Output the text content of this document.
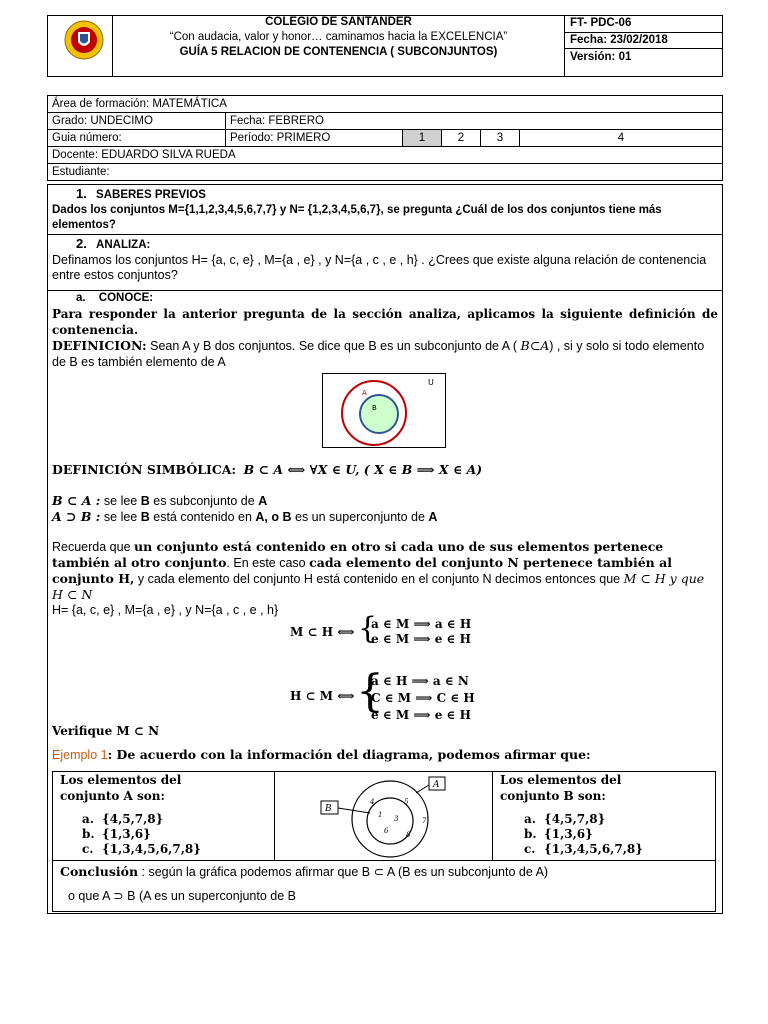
COLEGIO DE SANTANDER
“Con audacia, valor y honor… caminamos hacia la EXCELENCIA”
GUÍA 5 RELACION DE CONTENENCIA ( SUBCONJUNTOS)
FT- PDC-06
Fecha: 23/02/2018
Versión: 01
Área de formación: MATEMÁTICA					
Grado: UNDECIMO	Fecha: FEBRERO				
Guia número:	Período: PRIMERO	1	2	3	4
Docente: EDUARDO SILVA RUEDA					
Estudiante:					
1. SABERES PREVIOS
Dados los conjuntos M={1,1,2,3,4,5,6,7,7} y N= {1,2,3,4,5,6,7}, se pregunta ¿Cuál de los dos conjuntos tiene más elementos?
2. ANALIZA:
Definamos los conjuntos H= {a, c, e} , M={a , e} , y N={a , c , e , h} . ¿Crees que existe alguna relación de contenencia entre estos conjuntos?
a. CONOCE:
Para responder la anterior pregunta de la sección analiza, aplicamos la siguiente definición de contenencia.
DEFINICION: Sean A y B dos conjuntos. Se dice que B es un subconjunto de A ( B⊂A) , si y solo si todo elemento de B es también elemento de A
U
A
B
DEFINICIÓN SIMBÓLICA: B ⊂ A ⟺ ∀X ∈ U, ( X ∈ B ⟹ X ∈ A)
B ⊂ A : se lee B es subconjunto de A
A ⊃ B : se lee B está contenido en A, o B es un superconjunto de A
Recuerda que un conjunto está contenido en otro si cada uno de sus elementos pertenece también al otro conjunto. En este caso cada elemento del conjunto N pertenece también al conjunto H, y cada elemento del conjunto H está contenido en el conjunto N decimos entonces que M ⊂ H y que H ⊂ N
H= {a, c, e} , M={a , e} , y N={a , c , e , h}
M ⊂ H ⟺ {
a ∈ M ⟹ a ∈ H
e ∈ M ⟹ e ∈ H
H ⊂ M ⟺ {
a ∈ H ⟹ a ∈ N
C ∈ M ⟹ C ∈ H
e ∈ M ⟹ e ∈ H
Verifique M ⊂ N
Ejemplo 1: De acuerdo con la información del diagrama, podemos afirmar que:
Los elementos del conjunto A son:
a. {4,5,7,8}
b. {1,3,6}
c. {1,3,4,5,6,7,8}
Los elementos del conjunto B son:
a. {4,5,7,8}
b. {1,3,6}
c. {1,3,4,5,6,7,8}
B
A
4	5
1 3	7
6	8
Conclusión : según la gráfica podemos afirmar que B ⊂ A (B es un subconjunto de A)
o que A ⊃ B (A es un superconjunto de B
